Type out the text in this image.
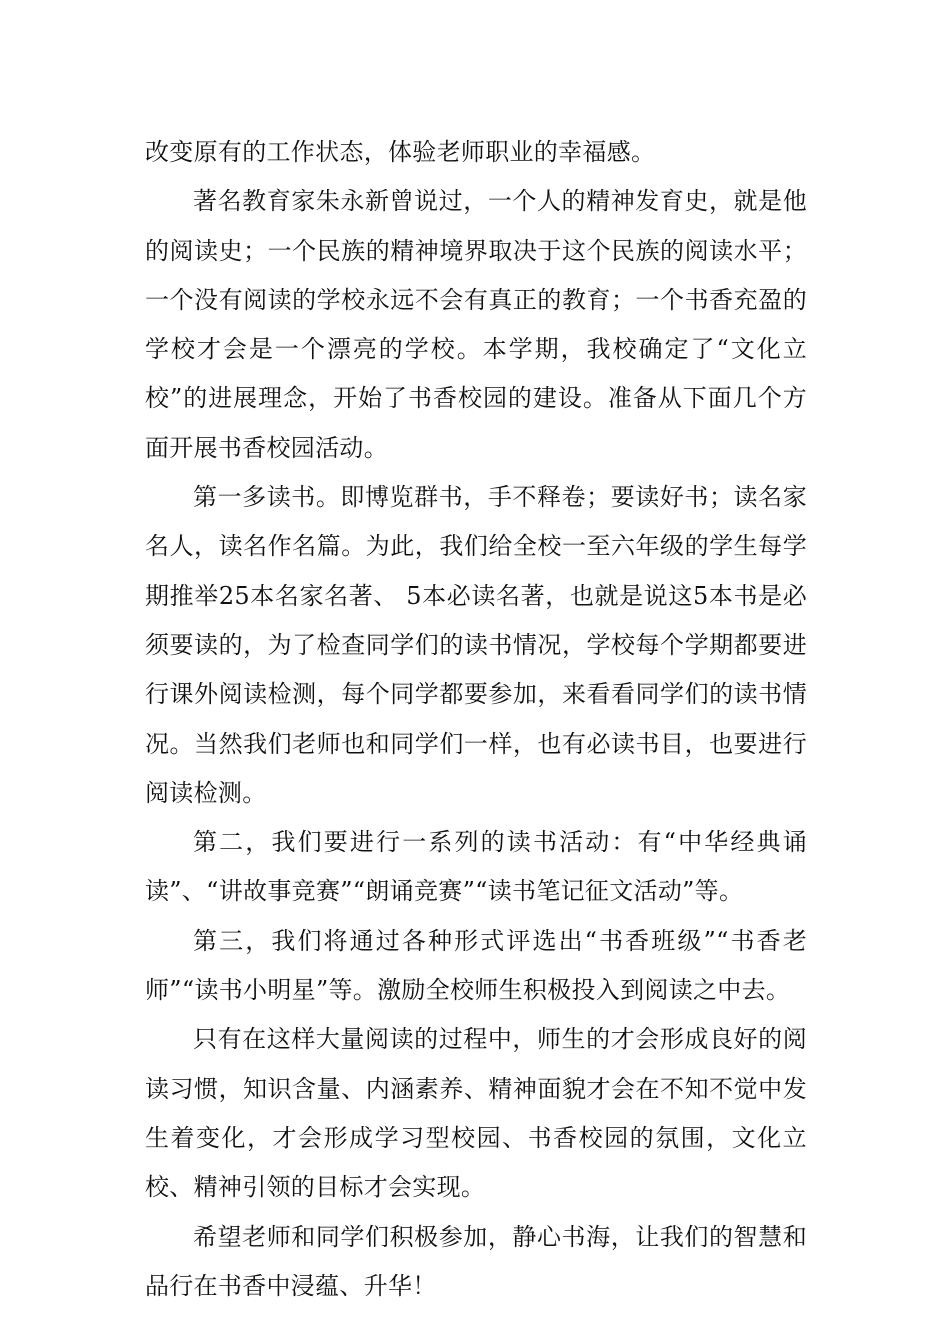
改变原有的工作状态，体验老师职业的幸福感。

著名教育家朱永新曾说过，一个人的精神发育史，就是他的阅读史；一个民族的精神境界取决于这个民族的阅读水平；一个没有阅读的学校永远不会有真正的教育；一个书香充盈的学校才会是一个漂亮的学校。本学期，我校确定了“文化立校”的进展理念，开始了书香校园的建设。准备从下面几个方面开展书香校园活动。

第一多读书。即博览群书，手不释卷；要读好书；读名家名人，读名作名篇。为此，我们给全校一至六年级的学生每学期推举25本名家名著、 5本必读名著，也就是说这5本书是必须要读的，为了检查同学们的读书情况，学校每个学期都要进行课外阅读检测，每个同学都要参加，来看看同学们的读书情况。当然我们老师也和同学们一样，也有必读书目，也要进行阅读检测。

第二，我们要进行一系列的读书活动：有“中华经典诵读”、“讲故事竞赛”“朗诵竞赛”“读书笔记征文活动”等。

第三，我们将通过各种形式评选出“书香班级”“书香老师”“读书小明星”等。激励全校师生积极投入到阅读之中去。

只有在这样大量阅读的过程中，师生的才会形成良好的阅读习惯，知识含量、内涵素养、精神面貌才会在不知不觉中发生着变化，才会形成学习型校园、书香校园的氛围，文化立校、精神引领的目标才会实现。

希望老师和同学们积极参加，静心书海，让我们的智慧和品行在书香中浸蕴、升华！
